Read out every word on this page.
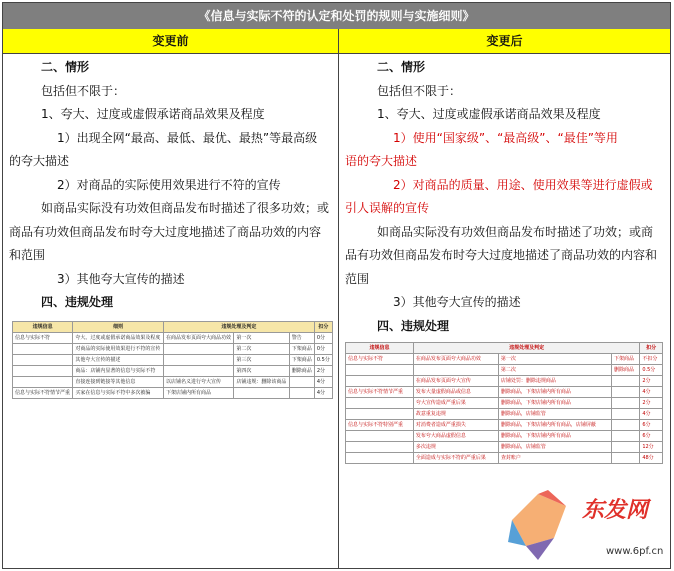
《信息与实际不符的认定和处罚的规则与实施细则》
变更前	变更后

二、情形

包括但不限于：

1、夸大、过度或虚假承诺商品效果及程度

1）出现全网“最高、最低、最优、最热”等最高级

的夸大描述

2）对商品的实际使用效果进行不符的宣传

如商品实际没有功效但商品发布时描述了很多功效；或

商品有功效但商品发布时夸大过度地描述了商品功效的内容

和范围

3）其他夸大宣传的描述

四、违规处理

二、情形

包括但不限于：

1、夸大、过度或虚假承诺商品效果及程度

1）使用“国家级”、“最高级”、“最佳”等用

语的夸大描述

2）对商品的质量、用途、使用效果等进行虚假或

引人误解的宣传

如商品实际没有功效但商品发布时描述了功效；或商

品有功效但商品发布时夸大过度地描述了商品功效的内容和

范围

3）其他夸大宣传的描述

四、违规处理

违规信息	细则	违规处理及判定			扣分
信息与实际不符	夸大、过度或虚假承诺商品效果及程度	在商品发布页面夸大商品功效	第一次	警告	0分
	对商品的实际使用效果进行不符的宣传		第二次	下架商品	0分
	其他夸大宣传的描述		第三次	下架商品	0.5分
	商品：店铺内显著的信息与实际不符		第四次	删除商品	2分
	直接连接到链接等其他信息	以店铺名义进行夸大宣传	店铺违规：删除该商品		4分
信息与实际不符情节严重	买家在信息与实际不符中多次被骗	下架店铺内所有商品			4分
违规信息	违规处理及判定			扣分
信息与实际不符	在商品发布页面夸大商品功效	第一次	下架商品	不扣分
		第二次	删除商品	0.5分
	在商品发布页面夸大宣传	店铺处罚：删除违规商品		2分
信息与实际不符情节严重	发布大量虚假商品或信息	删除商品，下架店铺内所有商品		4分
	夸大宣传造成严重后果	删除商品，下架店铺内所有商品		2分
	故意重复违规	删除商品，店铺监管		4分
信息与实际不符特别严重	对消费者造成严重损失	删除商品，下架店铺内所有商品，店铺屏蔽		6分
	发布夸大商品虚假信息	删除商品，下架店铺内所有商品		6分
	多次违规	删除商品，店铺监管		12分
	全面造成与实际不符的严重后果	查封账户		48分
东发网
www.6pf.cn
